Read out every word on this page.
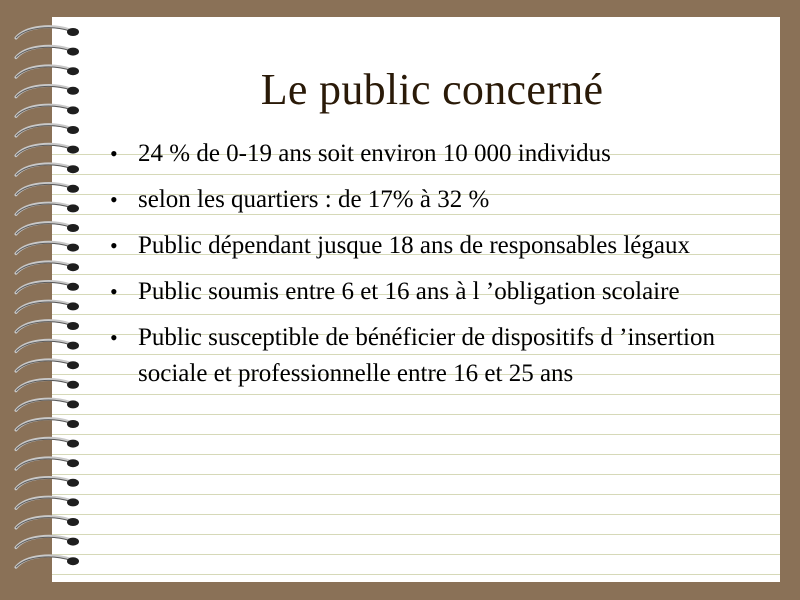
Le public concerné
• 24 % de 0-19 ans soit environ 10 000 individus
• selon les quartiers : de 17% à 32 %
• Public dépendant jusque 18 ans de responsables légaux
• Public soumis entre 6 et 16 ans à l ’obligation scolaire
• Public susceptible de bénéficier de dispositifs d ’insertion sociale et professionnelle entre 16 et 25 ans
